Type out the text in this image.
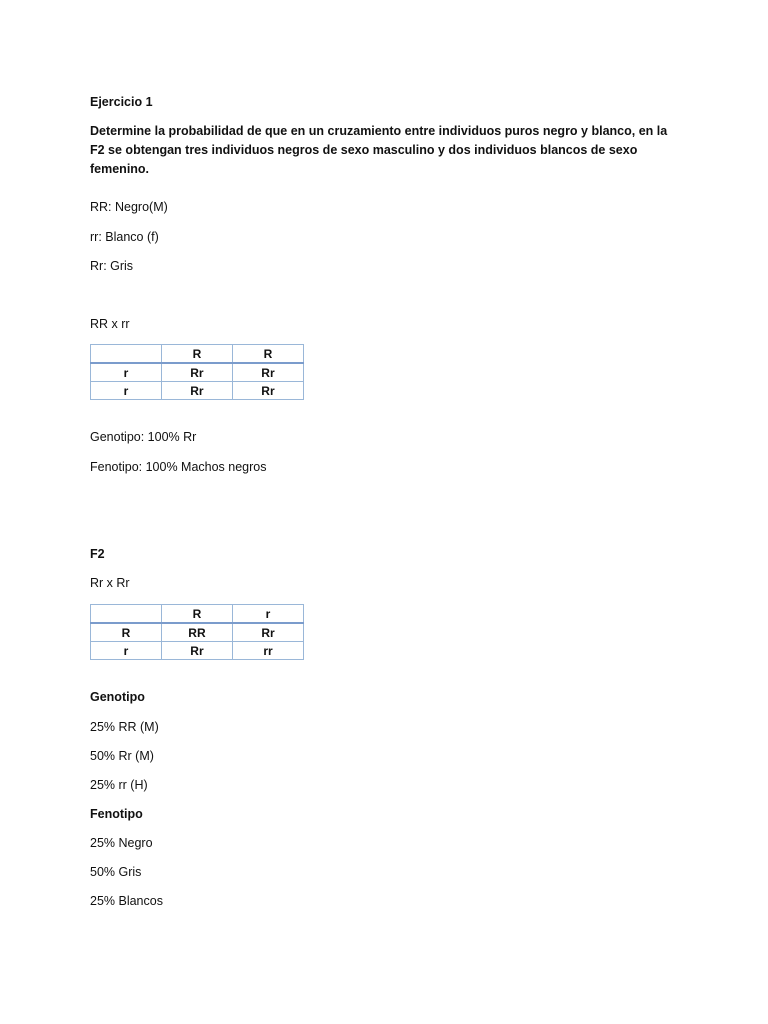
Ejercicio 1
Determine la probabilidad de que en un cruzamiento entre individuos puros negro y blanco, en la F2 se obtengan tres individuos negros de sexo masculino y dos individuos blancos de sexo femenino.
RR: Negro(M)
rr: Blanco (f)
Rr: Gris
RR x rr
	R	R
r	Rr	Rr
r	Rr	Rr
Genotipo: 100% Rr
Fenotipo: 100% Machos negros
F2
Rr x Rr
	R	r
R	RR	Rr
r	Rr	rr
Genotipo
25% RR (M)
50% Rr (M)
25% rr (H)
Fenotipo
25% Negro
50% Gris
25% Blancos
